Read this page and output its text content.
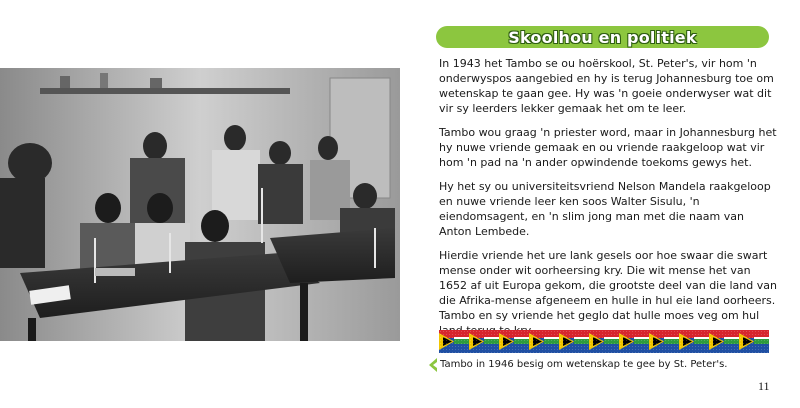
Skoolhou en politiek

In 1943 het Tambo se ou hoërskool, St. Peter's, vir hom 'n onderwyspos aangebied en hy is terug Johannesburg toe om wetenskap te gaan gee. Hy was 'n goeie onderwyser wat dit vir sy leerders lekker gemaak het om te leer.

Tambo wou graag 'n priester word, maar in Johannesburg het hy nuwe vriende gemaak en ou vriende raakgeloop wat vir hom 'n pad na 'n ander opwindende toekoms gewys het.

Hy het sy ou universiteitsvriend Nelson Mandela raakgeloop en nuwe vriende leer ken soos Walter Sisulu, 'n eiendomsagent, en 'n slim jong man met die naam van Anton Lembede.

Hierdie vriende het ure lank gesels oor hoe swaar die swart mense onder wit oorheersing kry. Die wit mense het van 1652 af uit Europa gekom, die grootste deel van die land van die Afrika-mense afgeneem en hulle in hul eie land oorheers. Tambo en sy vriende het geglo dat hulle moes veg om hul

Tambo in 1946 besig om wetenskap te gee by St. Peter's.
11
